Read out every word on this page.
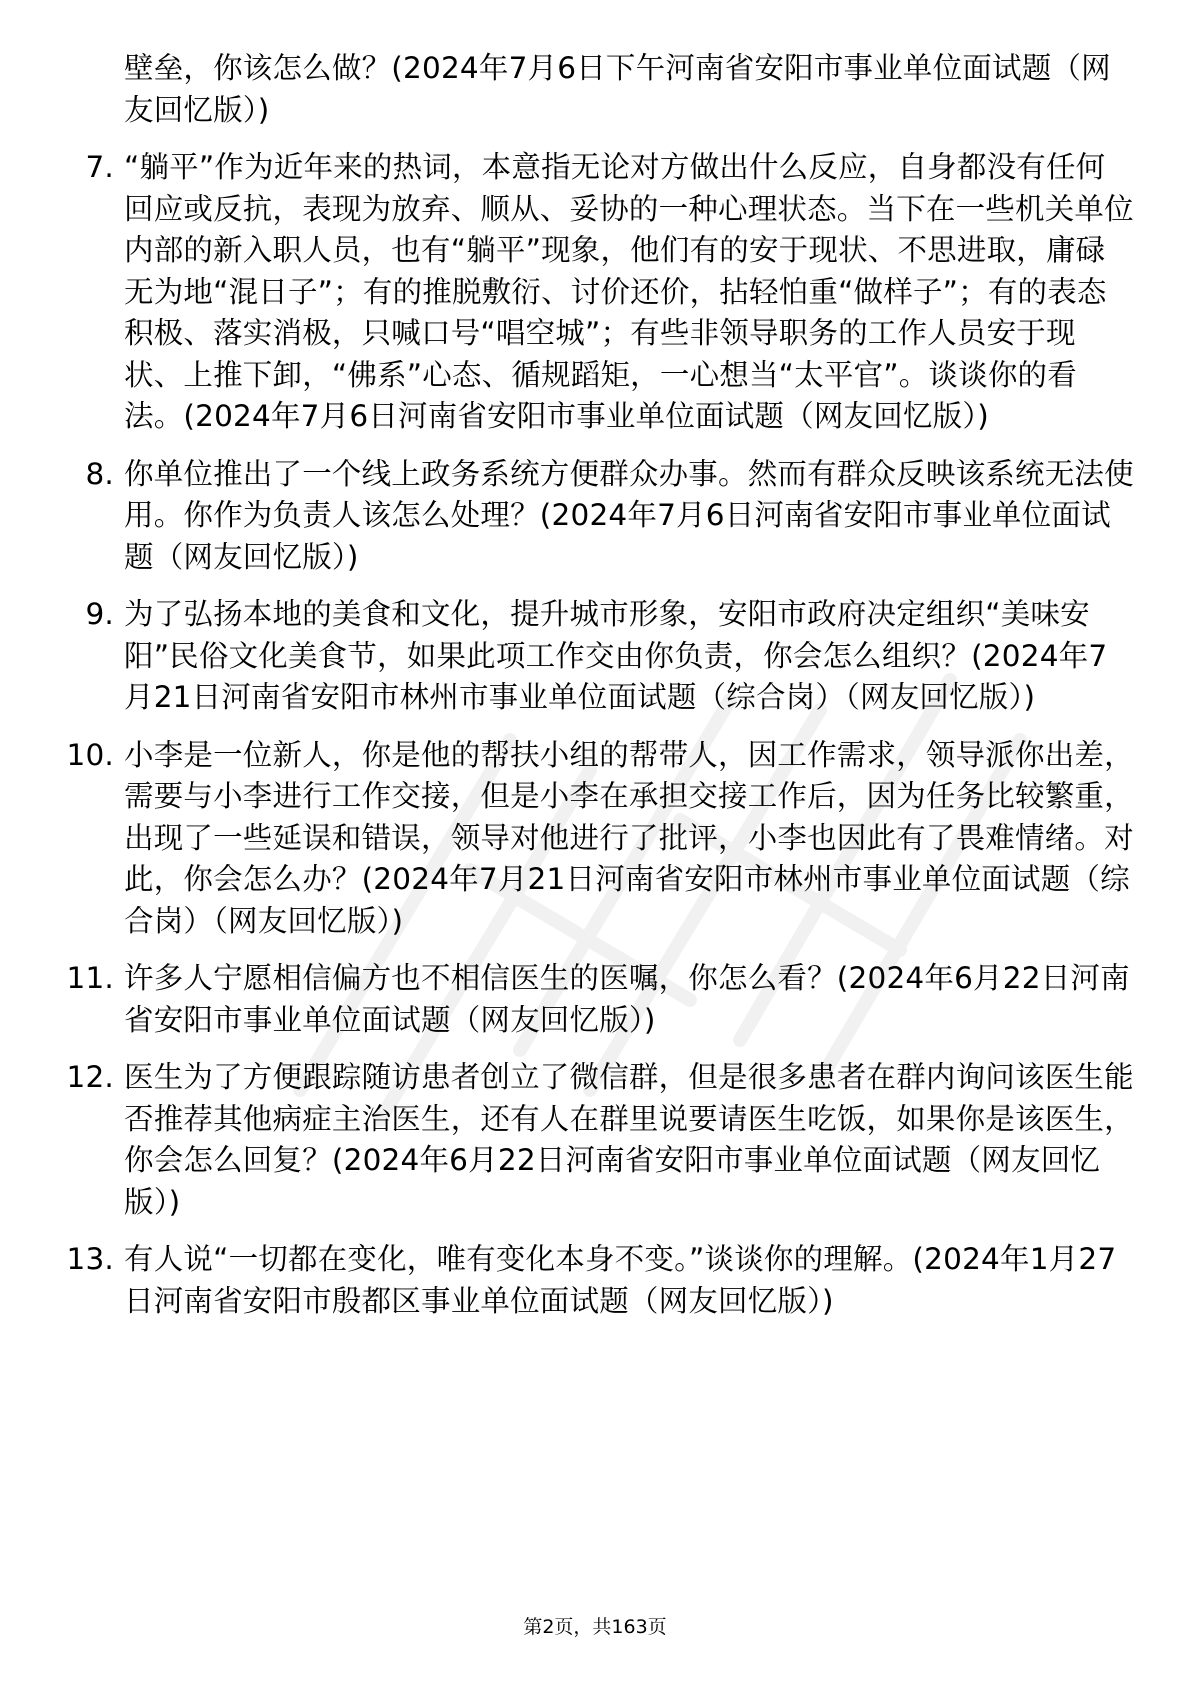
壁垒，你该怎么做？(2024年7月6日下午河南省安阳市事业单位面试题（网友回忆版）)
7. “躺平”作为近年来的热词，本意指无论对方做出什么反应，自身都没有任何回应或反抗，表现为放弃、顺从、妥协的一种心理状态。当下在一些机关单位内部的新入职人员，也有“躺平”现象，他们有的安于现状、不思进取，庸碌无为地“混日子”；有的推脱敷衍、讨价还价，拈轻怕重“做样子”；有的表态积极、落实消极，只喊口号“唱空城”；有些非领导职务的工作人员安于现状、上推下卸，“佛系”心态、循规蹈矩，一心想当“太平官”。谈谈你的看法。(2024年7月6日河南省安阳市事业单位面试题（网友回忆版）)
8. 你单位推出了一个线上政务系统方便群众办事。然而有群众反映该系统无法使用。你作为负责人该怎么处理？(2024年7月6日河南省安阳市事业单位面试题（网友回忆版）)
9. 为了弘扬本地的美食和文化，提升城市形象，安阳市政府决定组织“美味安阳”民俗文化美食节，如果此项工作交由你负责，你会怎么组织？(2024年7月21日河南省安阳市林州市事业单位面试题（综合岗）（网友回忆版）)
10. 小李是一位新人，你是他的帮扶小组的帮带人，因工作需求，领导派你出差，需要与小李进行工作交接，但是小李在承担交接工作后，因为任务比较繁重，出现了一些延误和错误，领导对他进行了批评，小李也因此有了畏难情绪。对此，你会怎么办？(2024年7月21日河南省安阳市林州市事业单位面试题（综合岗）（网友回忆版）)
11. 许多人宁愿相信偏方也不相信医生的医嘱，你怎么看？(2024年6月22日河南省安阳市事业单位面试题（网友回忆版）)
12. 医生为了方便跟踪随访患者创立了微信群，但是很多患者在群内询问该医生能否推荐其他病症主治医生，还有人在群里说要请医生吃饭，如果你是该医生，你会怎么回复？(2024年6月22日河南省安阳市事业单位面试题（网友回忆版）)
13. 有人说“一切都在变化，唯有变化本身不变。”谈谈你的理解。(2024年1月27日河南省安阳市殷都区事业单位面试题（网友回忆版）)
第2页，共163页
